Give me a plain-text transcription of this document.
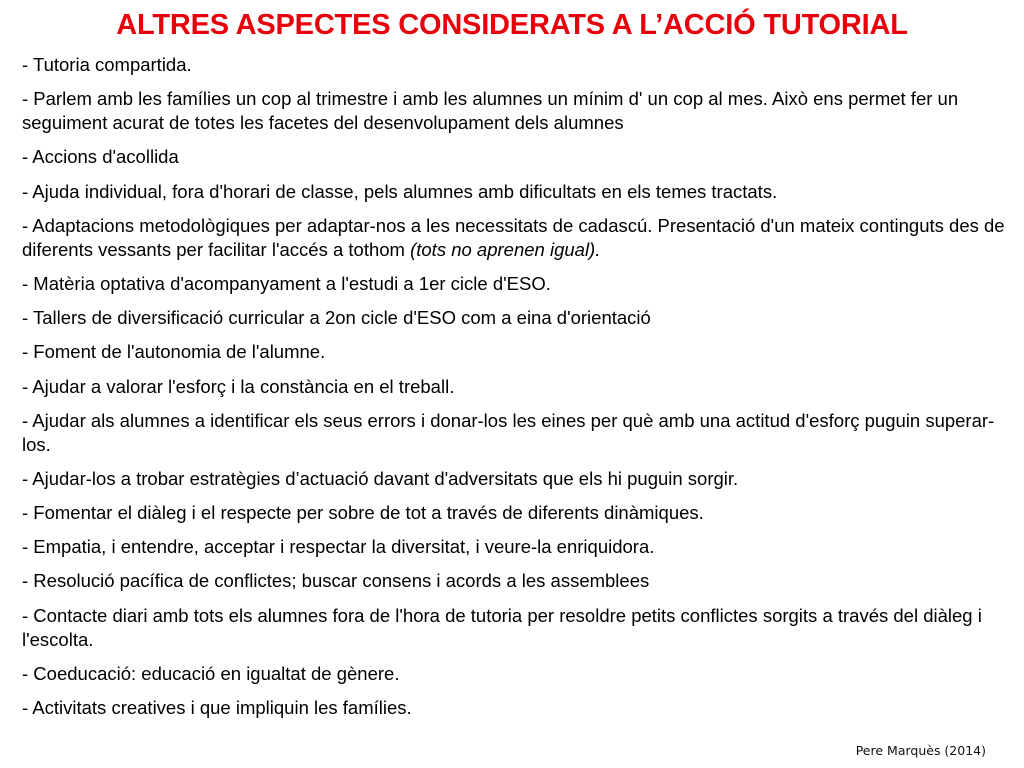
ALTRES ASPECTES CONSIDERATS A L’ACCIÓ TUTORIAL
- Tutoria compartida.
- Parlem amb les famílies un cop al trimestre i amb les alumnes un mínim d' un cop al mes. Això ens permet fer un seguiment acurat de totes les facetes del desenvolupament dels alumnes
- Accions d'acollida
- Ajuda individual, fora d'horari de classe, pels alumnes amb dificultats en els temes tractats.
- Adaptacions metodològiques per adaptar-nos a les necessitats de cadascú. Presentació d'un mateix continguts des de diferents vessants per facilitar l'accés a tothom (tots no aprenen igual).
- Matèria optativa d'acompanyament a l'estudi a 1er cicle d'ESO.
- Tallers de diversificació curricular a 2on cicle d'ESO com a eina d'orientació
- Foment de l'autonomia de l'alumne.
- Ajudar a valorar l'esforç i la constància en el treball.
- Ajudar als alumnes a identificar els seus errors i donar-los les eines per què amb una actitud d'esforç puguin superar-los.
- Ajudar-los a trobar estratègies d’actuació davant d'adversitats que els hi puguin sorgir.
- Fomentar el diàleg i el respecte per sobre de tot a través de diferents dinàmiques.
- Empatia, i entendre, acceptar i respectar la diversitat, i veure-la enriquidora.
- Resolució pacífica de conflictes; buscar consens i acords a les assemblees
- Contacte diari amb tots els alumnes fora de l'hora de tutoria per resoldre petits conflictes sorgits a través del diàleg i l'escolta.
- Coeducació: educació en igualtat de gènere.
- Activitats creatives i que impliquin les famílies.
Pere Marquès (2014)
